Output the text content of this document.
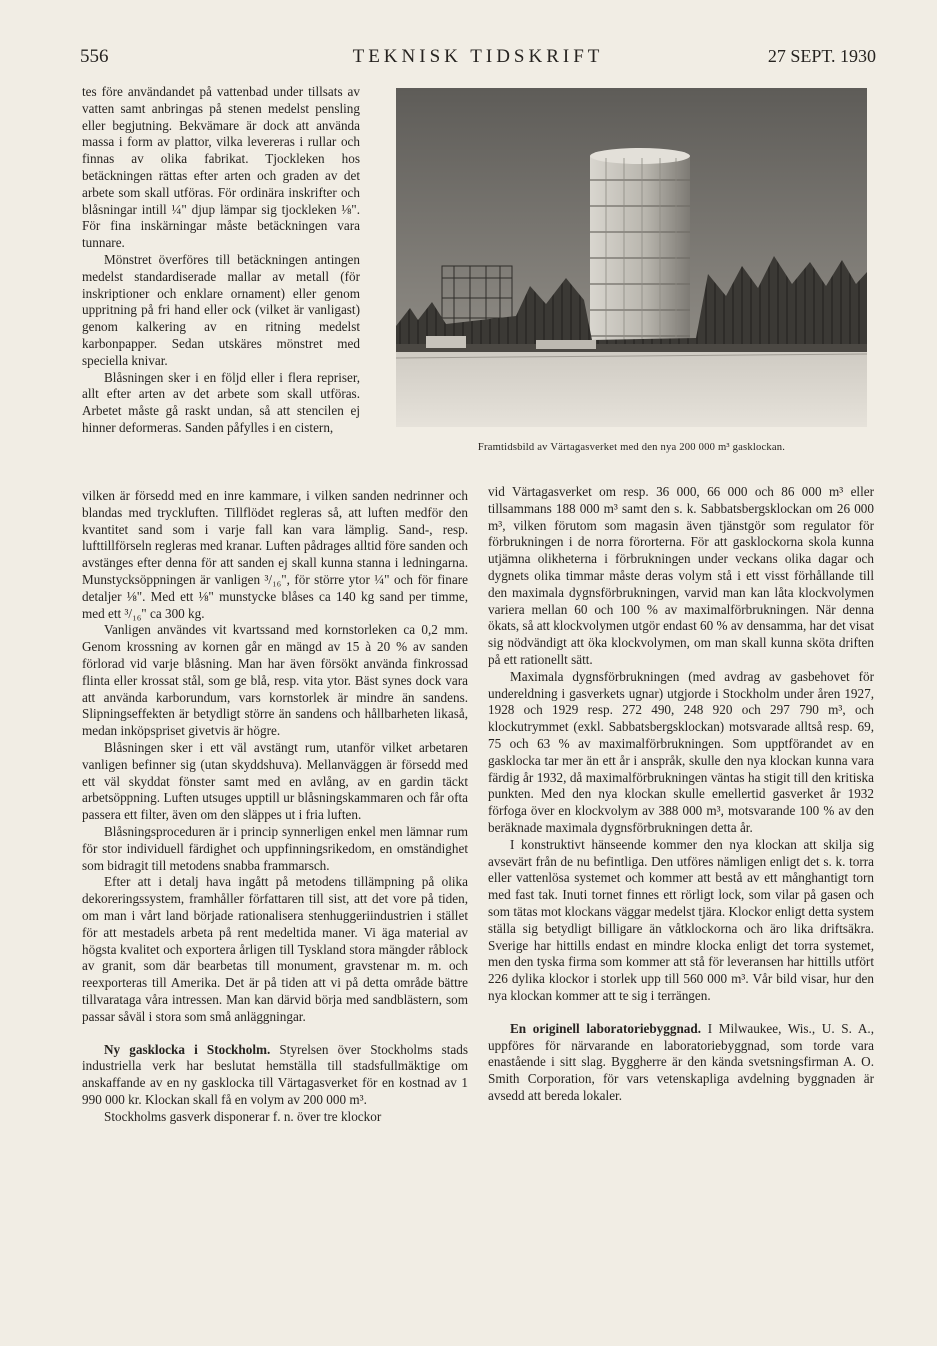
556	TEKNISK TIDSKRIFT	27 SEPT. 1930

tes före användandet på vattenbad under tillsats av vatten samt anbringas på stenen medelst pensling eller begjutning. Bekvämare är dock att använda massa i form av plattor, vilka levereras i rullar och finnas av olika fabrikat. Tjockleken hos betäckningen rättas efter arten och graden av det arbete som skall utföras. För ordinära inskrifter och blåsningar intill ¼" djup lämpar sig tjockleken ⅛". För fina inskärningar måste betäckningen vara tunnare.

Mönstret överföres till betäckningen antingen medelst standardiserade mallar av metall (för inskriptioner och enklare ornament) eller genom uppritning på fri hand eller ock (vilket är vanligast) genom kalkering av en ritning medelst karbonpapper. Sedan utskäres mönstret med speciella knivar.

Blåsningen sker i en följd eller i flera repriser, allt efter arten av det arbete som skall utföras. Arbetet måste gå raskt undan, så att stencilen ej hinner deformeras. Sanden påfylles i en cistern,

Framtidsbild av Värtagasverket med den nya 200 000 m³ gasklockan.

vilken är försedd med en inre kammare, i vilken sanden nedrinner och blandas med tryckluften. Tillflödet regleras så, att luften medför den kvantitet sand som i varje fall kan vara lämplig. Sand-, resp. lufttillförseln regleras med kranar. Luften pådrages alltid före sanden och avstänges efter denna för att sanden ej skall kunna stanna i ledningarna. Munstycksöppningen är vanligen ³/₁₆", för större ytor ¼" och för finare detaljer ⅛". Med ett ⅛" munstycke blåses ca 140 kg sand per timme, med ett ³/₁₆" ca 300 kg.

Vanligen användes vit kvartssand med kornstorleken ca 0,2 mm. Genom krossning av kornen går en mängd av 15 à 20 % av sanden förlorad vid varje blåsning. Man har även försökt använda finkrossad flinta eller krossat stål, som ge blå, resp. vita ytor. Bäst synes dock vara att använda karborundum, vars kornstorlek är mindre än sandens. Slipningseffekten är betydligt större än sandens och hållbarheten likaså, medan inköpspriset givetvis är högre.

Blåsningen sker i ett väl avstängt rum, utanför vilket arbetaren vanligen befinner sig (utan skyddshuva). Mellanväggen är försedd med ett väl skyddat fönster samt med en avlång, av en gardin täckt arbetsöppning. Luften utsuges upptill ur blåsningskammaren och får ofta passera ett filter, även om den släppes ut i fria luften.

Blåsningsproceduren är i princip synnerligen enkel men lämnar rum för stor individuell färdighet och uppfinningsrikedom, en omständighet som bidragit till metodens snabba frammarsch.

Efter att i detalj hava ingått på metodens tillämpning på olika dekoreringssystem, framhåller författaren till sist, att det vore på tiden, om man i vårt land började rationalisera stenhuggeriindustrien i stället för att mestadels arbeta på rent medeltida maner. Vi äga material av högsta kvalitet och exportera årligen till Tyskland stora mängder råblock av granit, som där bearbetas till monument, gravstenar m. m. och reexporteras till Amerika. Det är på tiden att vi på detta område bättre tillvarataga våra intressen. Man kan därvid börja med sandblästern, som passar såväl i stora som små anläggningar.

Ny gasklocka i Stockholm. Styrelsen över Stockholms stads industriella verk har beslutat hemställa till stadsfullmäktige om anskaffande av en ny gasklocka till Värtagasverket för en kostnad av 1 990 000 kr. Klockan skall få en volym av 200 000 m³.

Stockholms gasverk disponerar f. n. över tre klockor

vid Värtagasverket om resp. 36 000, 66 000 och 86 000 m³ eller tillsammans 188 000 m³ samt den s. k. Sabbatsbergsklockan om 26 000 m³, vilken förutom som magasin även tjänstgör som regulator för förbrukningen i de norra förorterna. För att gasklockorna skola kunna utjämna olikheterna i förbrukningen under veckans olika dagar och dygnets olika timmar måste deras volym stå i ett visst förhållande till den maximala dygnsförbrukningen, varvid man kan låta klockvolymen variera mellan 60 och 100 % av maximalförbrukningen. När denna ökats, så att klockvolymen utgör endast 60 % av densamma, har det visat sig nödvändigt att öka klockvolymen, om man skall kunna sköta driften på ett rationellt sätt.

Maximala dygnsförbrukningen (med avdrag av gasbehovet för undereldning i gasverkets ugnar) utgjorde i Stockholm under åren 1927, 1928 och 1929 resp. 272 490, 248 920 och 297 790 m³, och klockutrymmet (exkl. Sabbatsbergsklockan) motsvarade alltså resp. 69, 75 och 63 % av maximalförbrukningen. Som upptförandet av en gasklocka tar mer än ett år i anspråk, skulle den nya klockan kunna vara färdig år 1932, då maximalförbrukningen väntas ha stigit till den kritiska punkten. Med den nya klockan skulle emellertid gasverket år 1932 förfoga över en klockvolym av 388 000 m³, motsvarande 100 % av den beräknade maximala dygnsförbrukningen detta år.

I konstruktivt hänseende kommer den nya klockan att skilja sig avsevärt från de nu befintliga. Den utföres nämligen enligt det s. k. torra eller vattenlösa systemet och kommer att bestå av ett månghantigt torn med fast tak. Inuti tornet finnes ett rörligt lock, som vilar på gasen och som tätas mot klockans väggar medelst tjära. Klockor enligt detta system ställa sig betydligt billigare än våtklockorna och äro lika driftsäkra. Sverige har hittills endast en mindre klocka enligt det torra systemet, men den tyska firma som kommer att stå för leveransen har hittills utfört 226 dylika klockor i storlek upp till 560 000 m³. Vår bild visar, hur den nya klockan kommer att te sig i terrängen.

En originell laboratoriebyggnad. I Milwaukee, Wis., U. S. A., uppföres för närvarande en laboratoriebyggnad, som torde vara enastående i sitt slag. Byggherre är den kända svetsningsfirman A. O. Smith Corporation, för vars vetenskapliga avdelning byggnaden är avsedd att bereda lokaler.
